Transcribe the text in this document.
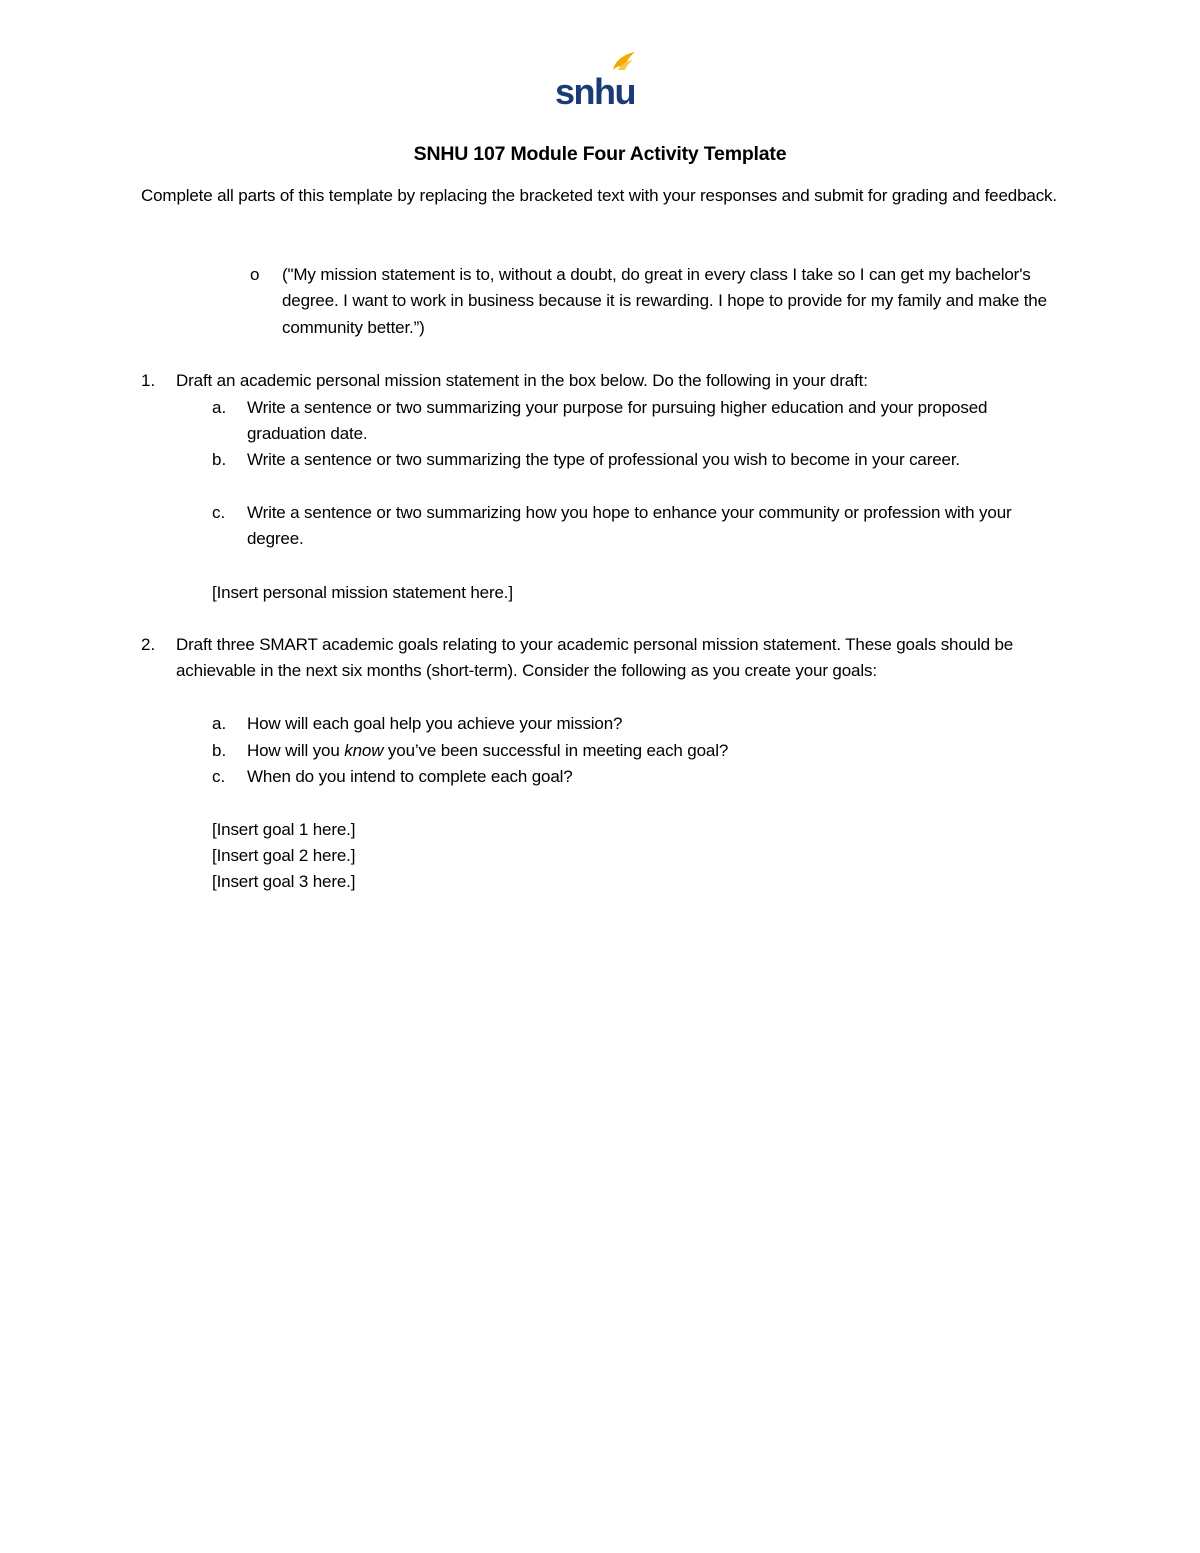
snhu
SNHU 107 Module Four Activity Template
Complete all parts of this template by replacing the bracketed text with your responses and submit for grading and feedback.
o ("My mission statement is to, without a doubt, do great in every class I take so I can get my bachelor's degree. I want to work in business because it is rewarding. I hope to provide for my family and make the community better.”)
1. Draft an academic personal mission statement in the box below. Do the following in your draft:
a. Write a sentence or two summarizing your purpose for pursuing higher education and your proposed graduation date.
b. Write a sentence or two summarizing the type of professional you wish to become in your career.
c. Write a sentence or two summarizing how you hope to enhance your community or profession with your degree.
[Insert personal mission statement here.]
2. Draft three SMART academic goals relating to your academic personal mission statement. These goals should be achievable in the next six months (short-term). Consider the following as you create your goals:
a. How will each goal help you achieve your mission?
b. How will you know you’ve been successful in meeting each goal?
c. When do you intend to complete each goal?
[Insert goal 1 here.]
[Insert goal 2 here.]
[Insert goal 3 here.]
